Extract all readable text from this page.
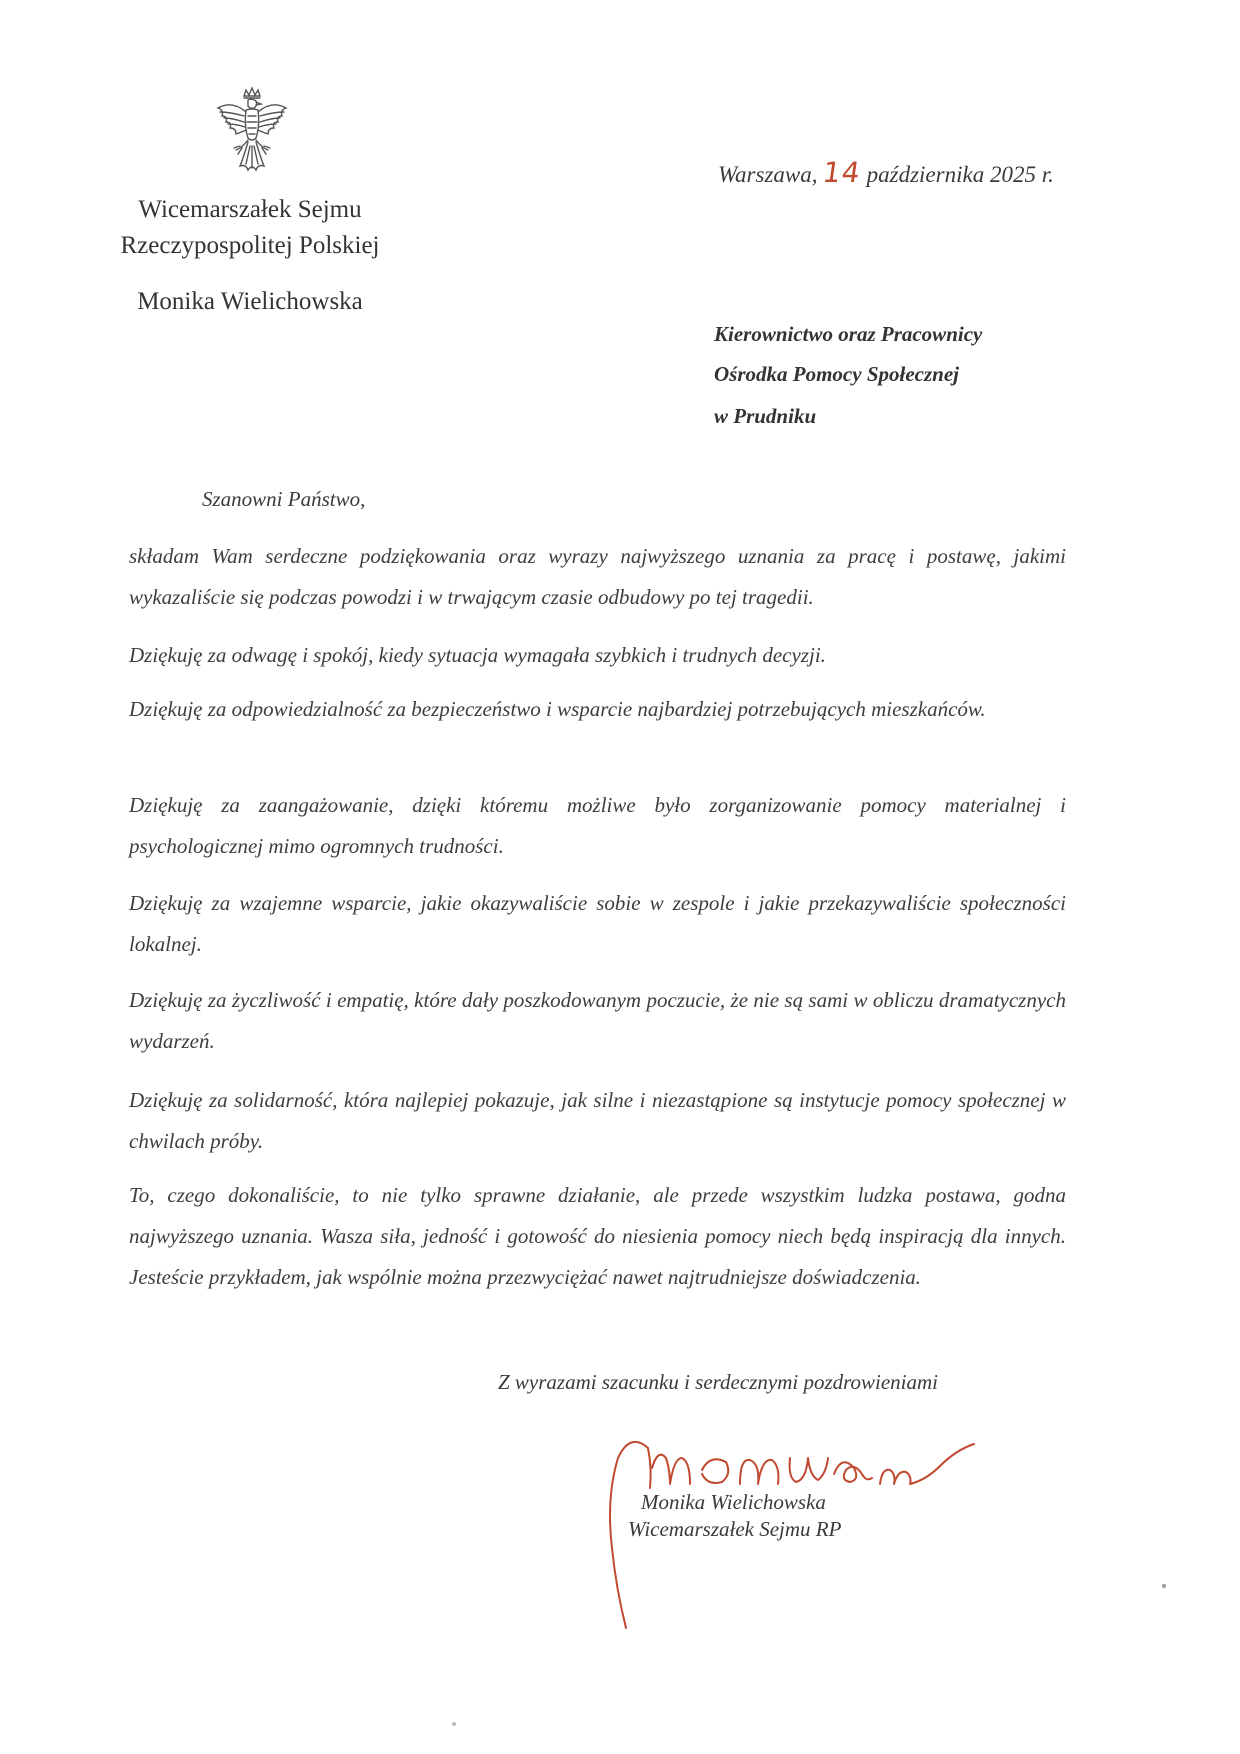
Wicemarszałek Sejmu
Rzeczypospolitej Polskiej
Monika Wielichowska
Warszawa, 14 października 2025 r.
Kierownictwo oraz Pracownicy
Ośrodka Pomocy Społecznej
w Prudniku
Szanowni Państwo,
składam Wam serdeczne podziękowania oraz wyrazy najwyższego uznania za pracę i postawę, jakimi wykazaliście się podczas powodzi i w trwającym czasie odbudowy po tej tragedii.
Dziękuję za odwagę i spokój, kiedy sytuacja wymagała szybkich i trudnych decyzji.
Dziękuję za odpowiedzialność za bezpieczeństwo i wsparcie najbardziej potrzebujących mieszkańców.
Dziękuję za zaangażowanie, dzięki któremu możliwe było zorganizowanie pomocy materialnej i psychologicznej mimo ogromnych trudności.
Dziękuję za wzajemne wsparcie, jakie okazywaliście sobie w zespole i jakie przekazywaliście społeczności lokalnej.
Dziękuję za życzliwość i empatię, które dały poszkodowanym poczucie, że nie są sami w obliczu dramatycznych wydarzeń.
Dziękuję za solidarność, która najlepiej pokazuje, jak silne i niezastąpione są instytucje pomocy społecznej w chwilach próby.
To, czego dokonaliście, to nie tylko sprawne działanie, ale przede wszystkim ludzka postawa, godna najwyższego uznania. Wasza siła, jedność i gotowość do niesienia pomocy niech będą inspiracją dla innych. Jesteście przykładem, jak wspólnie można przezwyciężać nawet najtrudniejsze doświadczenia.
Z wyrazami szacunku i serdecznymi pozdrowieniami
Monika Wielichowska
Wicemarszałek Sejmu RP
